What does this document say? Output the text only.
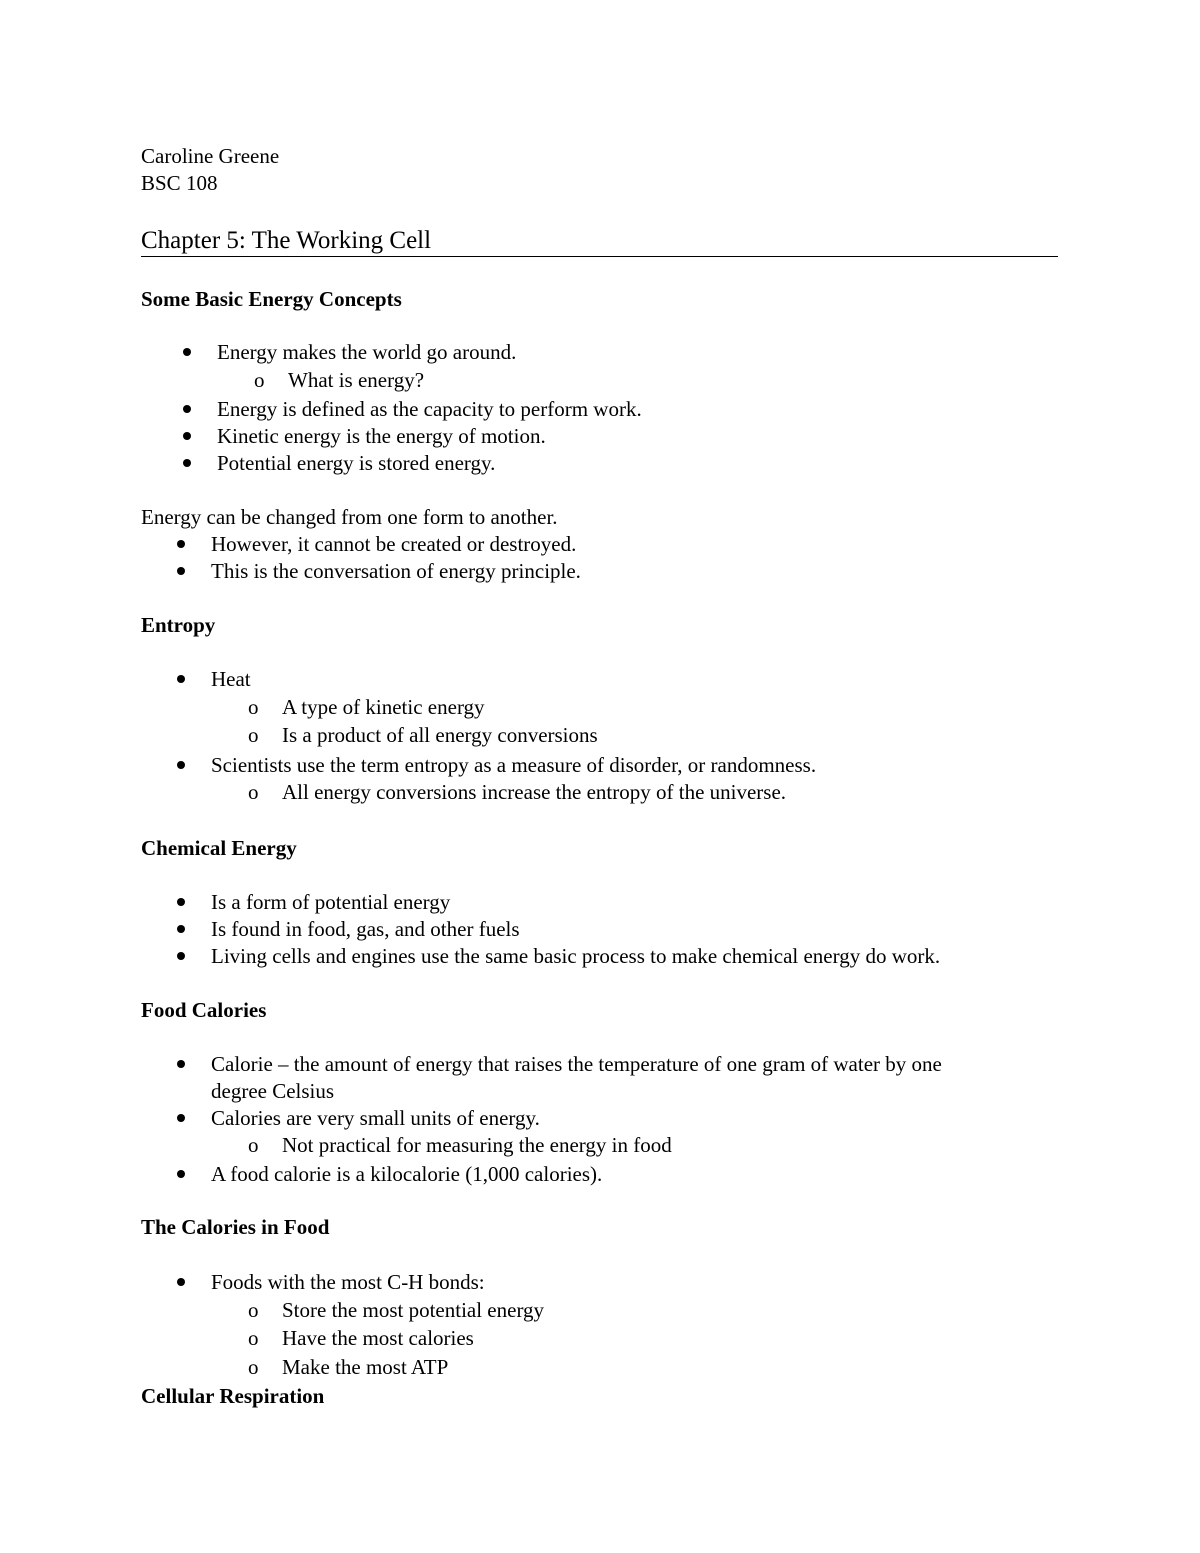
Caroline Greene
BSC 108
Chapter 5: The Working Cell
Some Basic Energy Concepts
Energy makes the world go around.
o What is energy?
Energy is defined as the capacity to perform work.
Kinetic energy is the energy of motion.
Potential energy is stored energy.
Energy can be changed from one form to another.
However, it cannot be created or destroyed.
This is the conversation of energy principle.
Entropy
Heat
o A type of kinetic energy
o Is a product of all energy conversions
Scientists use the term entropy as a measure of disorder, or randomness.
o All energy conversions increase the entropy of the universe.
Chemical Energy
Is a form of potential energy
Is found in food, gas, and other fuels
Living cells and engines use the same basic process to make chemical energy do work.
Food Calories
Calorie – the amount of energy that raises the temperature of one gram of water by one
degree Celsius
Calories are very small units of energy.
o Not practical for measuring the energy in food
A food calorie is a kilocalorie (1,000 calories).
The Calories in Food
Foods with the most C-H bonds:
o Store the most potential energy
o Have the most calories
o Make the most ATP
Cellular Respiration
